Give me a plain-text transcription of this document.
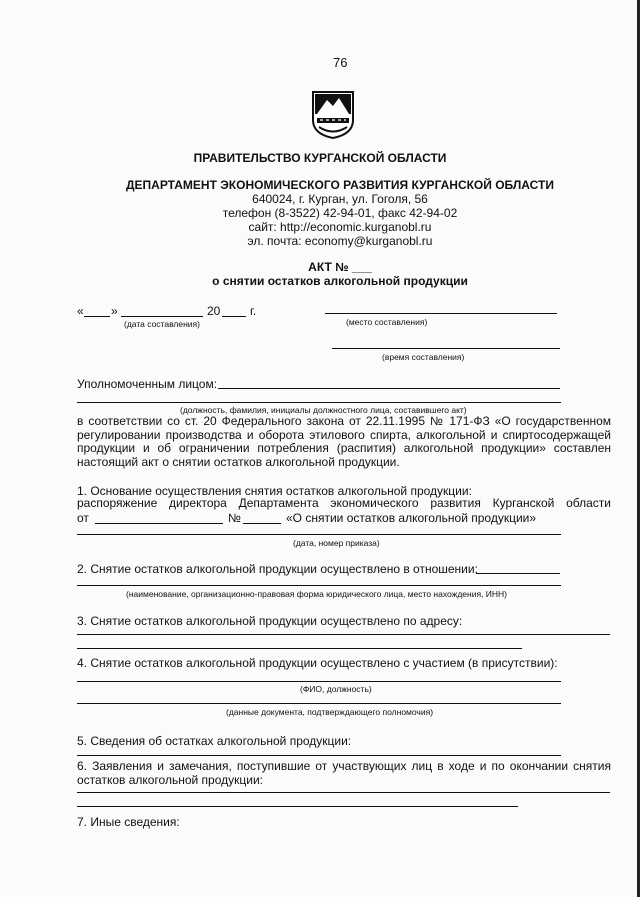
76
ПРАВИТЕЛЬСТВО КУРГАНСКОЙ ОБЛАСТИ
ДЕПАРТАМЕНТ ЭКОНОМИЧЕСКОГО РАЗВИТИЯ КУРГАНСКОЙ ОБЛАСТИ
640024, г. Курган, ул. Гоголя, 56
телефон (8-3522) 42-94-01, факс 42-94-02
сайт: http://economic.kurganobl.ru
эл. почта: economy@kurganobl.ru
АКТ № ___
о снятии остатков алкогольной продукции
« »	20 г.
(дата составления)	(место составления)
(время составления)
Уполномоченным лицом:
(должность, фамилия, инициалы должностного лица, составившего акт)
в соответствии со ст. 20 Федерального закона от 22.11.1995 № 171-ФЗ «О государственном
регулировании производства и оборота этилового спирта, алкогольной и спиртосодержащей
продукции и об ограничении потребления (распития) алкогольной продукции» составлен
настоящий акт о снятии остатков алкогольной продукции.
1. Основание осуществления снятия остатков алкогольной продукции:
распоряжение директора Департамента экономического развития Курганской области
от	№	«О снятии остатков алкогольной продукции»
(дата, номер приказа)
2. Снятие остатков алкогольной продукции осуществлено в отношении:
(наименование, организационно-правовая форма юридического лица, место нахождения, ИНН)
3. Снятие остатков алкогольной продукции осуществлено по адресу:
4. Снятие остатков алкогольной продукции осуществлено с участием (в присутствии):
(ФИО, должность)
(данные документа, подтверждающего полномочия)
5. Сведения об остатках алкогольной продукции:
6. Заявления и замечания, поступившие от участвующих лиц в ходе и по окончании снятия
остатков алкогольной продукции:
7. Иные сведения:
